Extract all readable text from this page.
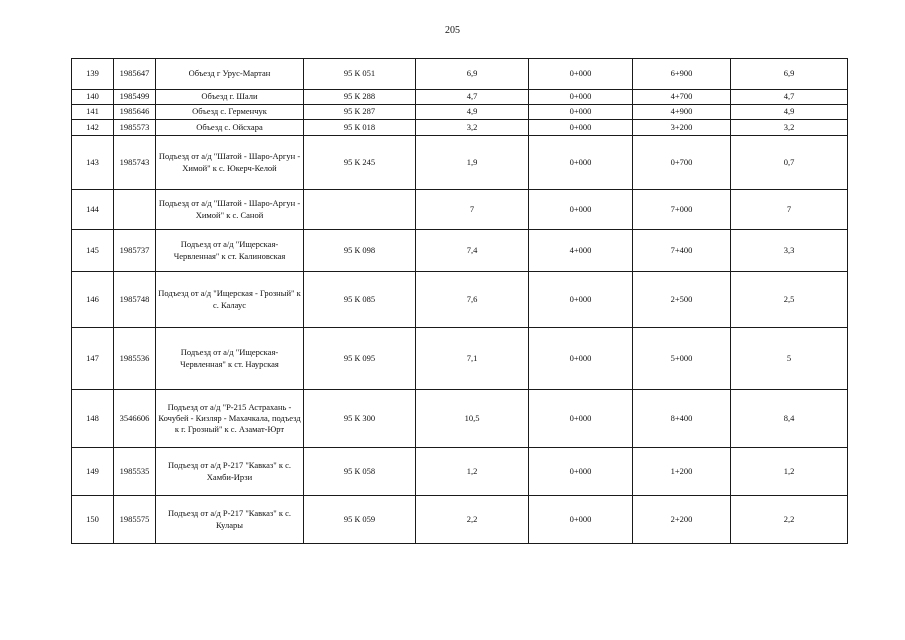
205
139	1985647	Объезд г Урус-Мартан	95 К 051	6,9	0+000	6+900	6,9
140	1985499	Объезд г. Шали	95 К 288	4,7	0+000	4+700	4,7
141	1985646	Объезд с. Герменчук	95 К 287	4,9	0+000	4+900	4,9
142	1985573	Объезд с. Ойсхара	95 К 018	3,2	0+000	3+200	3,2
143	1985743	Подъезд от а/д "Шатой - Шаро-Аргун - Химой" к с. Юкерч-Келой	95 К 245	1,9	0+000	0+700	0,7
144		Подъезд от а/д "Шатой - Шаро-Аргун - Химой" к с. Саной		7	0+000	7+000	7
145	1985737	Подъезд от а/д "Ищерская-Червленная" к ст. Калиновская	95 К 098	7,4	4+000	7+400	3,3
146	1985748	Подъезд от а/д "Ищерская - Грозный" к с. Калаус	95 К 085	7,6	0+000	2+500	2,5
147	1985536	Подъезд от а/д "Ищерская-Червленная" к ст. Наурская	95 К 095	7,1	0+000	5+000	5
148	3546606	Подъезд от а/д "Р-215 Астрахань - Кочубей - Кизляр - Махачкала, подъезд к г. Грозный" к с. Азамат-Юрт	95 К 300	10,5	0+000	8+400	8,4
149	1985535	Подъезд от а/д Р-217 "Кавказ" к с. Хамби-Ирзи	95 К 058	1,2	0+000	1+200	1,2
150	1985575	Подъезд от а/д Р-217 "Кавказ" к с. Кулары	95 К 059	2,2	0+000	2+200	2,2
